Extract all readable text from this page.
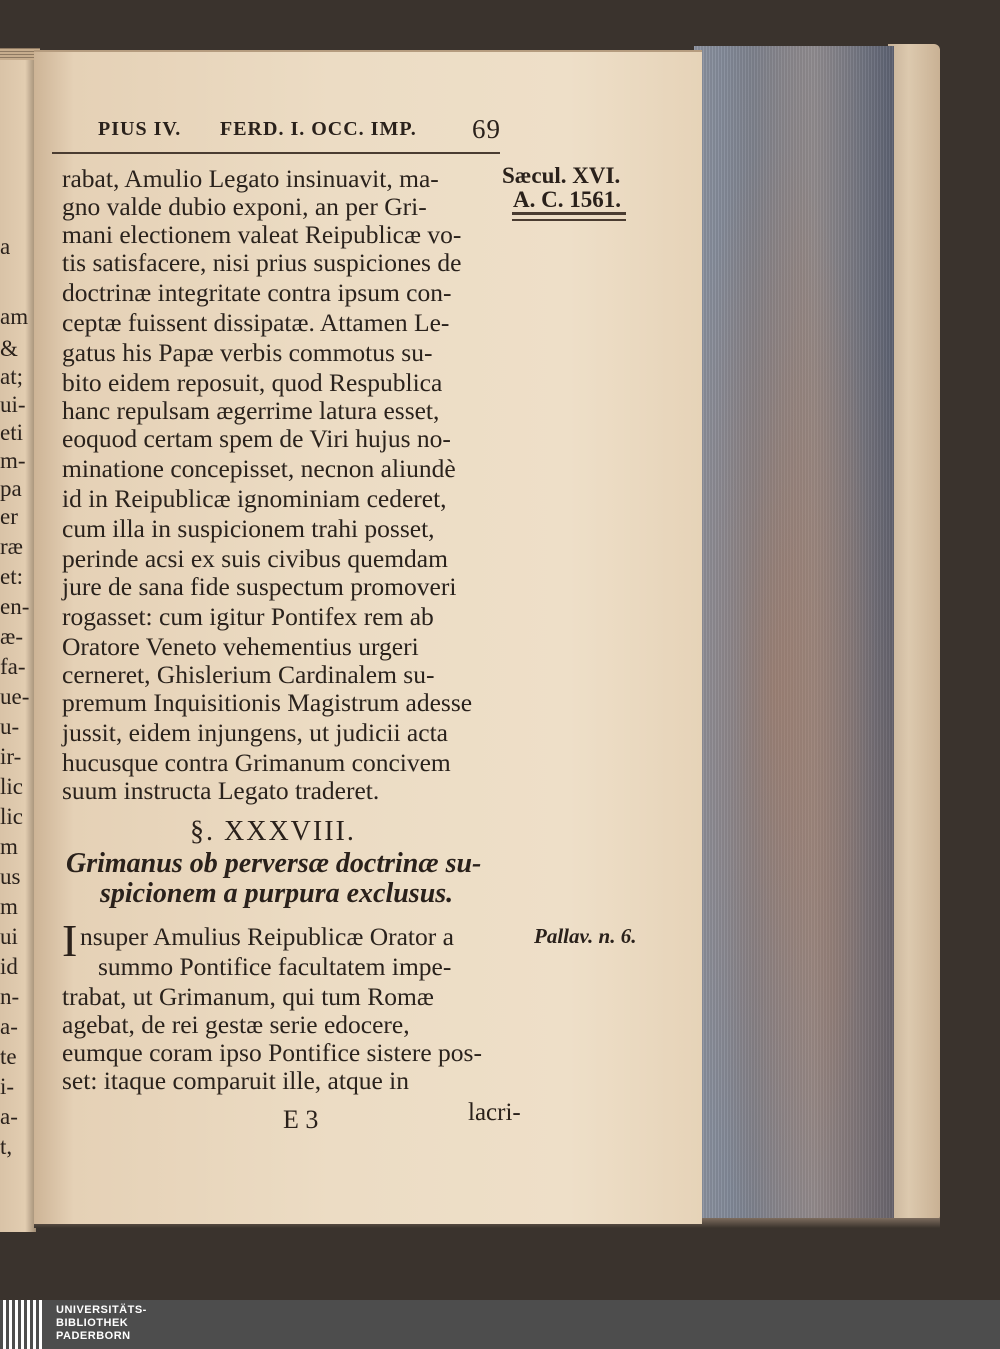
a
am
&
at;
ui-
eti
m-
pa
er
ræ
et:
en-
æ-
fa-
ue-
u-
ir-
lic
lic
m
us
m
ui
id
n-
a-
te
i-
a-
t,
PIUS IV. FERD. I. OCC. IMP. 69
Sæcul. XVI.
A. C. 1561.
rabat, Amulio Legato insinuavit, ma-
gno valde dubio exponi, an per Gri-
mani electionem valeat Reipublicæ vo-
tis satisfacere, nisi prius suspiciones de
doctrinæ integritate contra ipsum con-
ceptæ fuissent dissipatæ. Attamen Le-
gatus his Papæ verbis commotus su-
bito eidem reposuit, quod Respublica
hanc repulsam ægerrime latura esset,
eoquod certam spem de Viri hujus no-
minatione concepisset, necnon aliundè
id in Reipublicæ ignominiam cederet,
cum illa in suspicionem trahi posset,
perinde acsi ex suis civibus quemdam
jure de sana fide suspectum promoveri
rogasset: cum igitur Pontifex rem ab
Oratore Veneto vehementius urgeri
cerneret, Ghislerium Cardinalem su-
premum Inquisitionis Magistrum adesse
jussit, eidem injungens, ut judicii acta
hucusque contra Grimanum concivem
suum instructa Legato traderet.
§. XXXVIII.
Grimanus ob perversæ doctrinæ su-
spicionem a purpura exclusus.
I nsuper Amulius Reipublicæ Orator a
summo Pontifice facultatem impe-
trabat, ut Grimanum, qui tum Romæ
agebat, de rei gestæ serie edocere,
eumque coram ipso Pontifice sistere pos-
set: itaque comparuit ille, atque in
Pallav. n. 6.
E 3	lacri-
UNIVERSITÄTS-
BIBLIOTHEK
PADERBORN
